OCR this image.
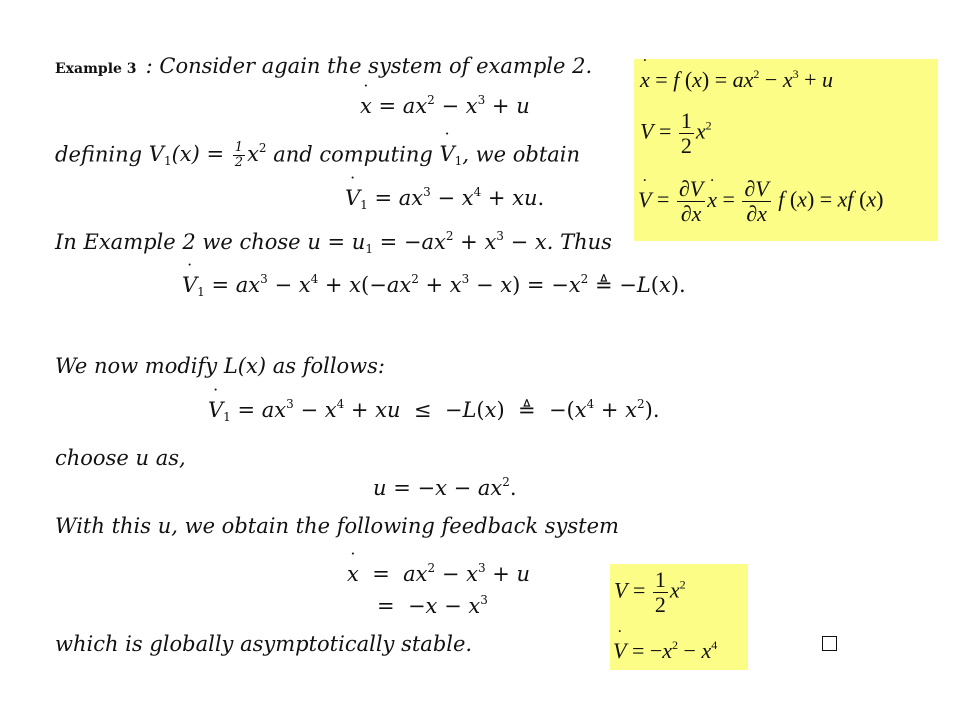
Example 3 : Consider again the system of example 2.
˙ $x = ax^2 - x^3 + u$
defining $V_1(x) = \frac{1}{2} x^2$ and computing ˙ $V_1$, we obtain
˙ $V_1 = ax^3 - x^4$ + xu.
In Example 2 we chose $u = u_1 = -ax^2 + x^3 - x$. Thus
˙ $V_1 = ax^3 - x^4 + x(-ax^2 + x^3 - x) = -x^2$ ≜ −L(x).
We now modify L(x) as follows:
˙ $V_1 = ax^3 - x^4$ + xu  ≤  −L(x)  ≜  $-(x^4 + x^2)$.
choose u as,
$u = -x - ax^2$.
With this u, we obtain the following feedback system
˙ $x = ax^2 - x^3 + u$
=  $-x - x^3$
which is globally asymptotically stable.
˙ x = f $(x) = ax^2 - x^3 + u$
$V = \frac{1}{2} x^2$
˙ $V = \frac{\partial V}{\partial x}$ ˙ $x = \frac{\partial V}{\partial x}$ f (x) = xf (x)
$V = \frac{1}{2} x^2$
˙ $V = -x^2 - x^4$
